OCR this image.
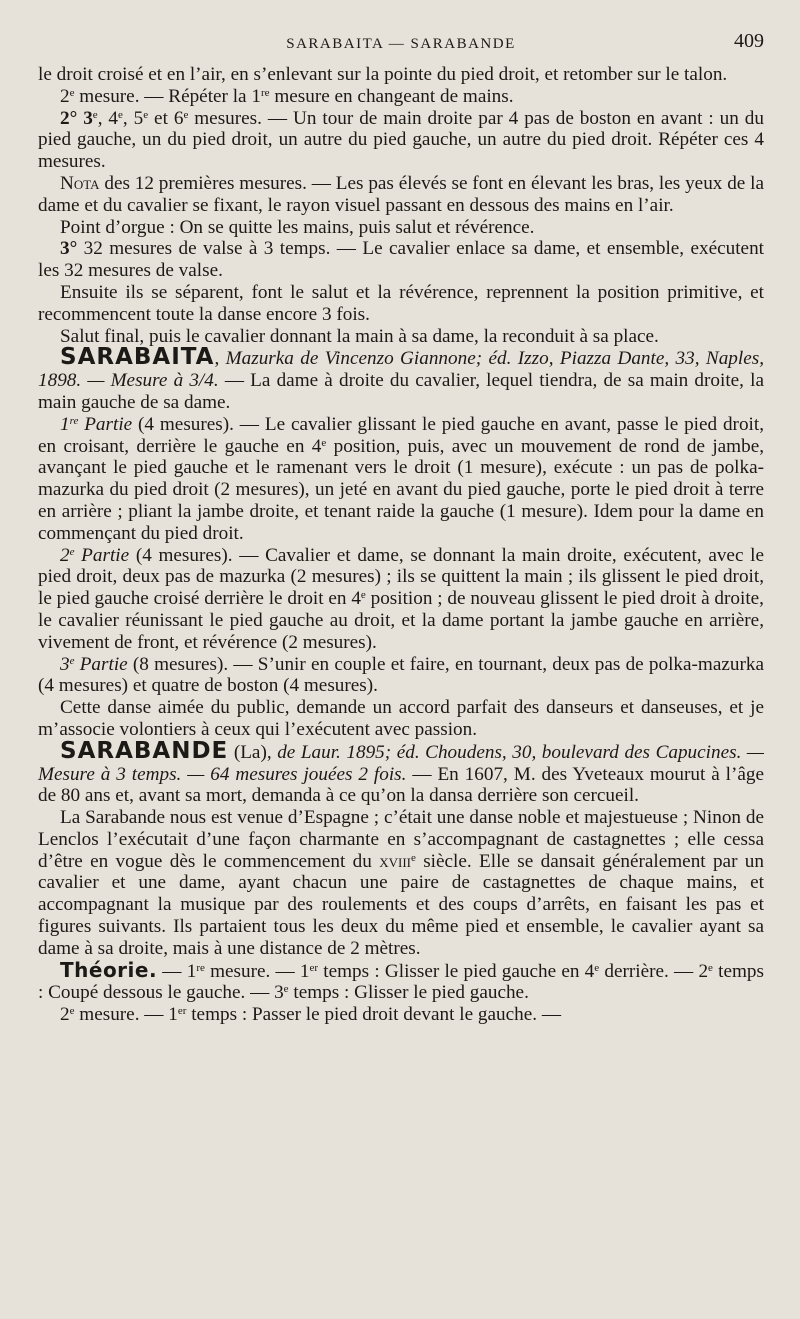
SARABAITA — SARABANDE	409

le droit croisé et en l’air, en s’enlevant sur la pointe du pied droit, et retomber sur le talon.

2e mesure. — Répéter la 1re mesure en changeant de mains.

2° 3e, 4e, 5e et 6e mesures. — Un tour de main droite par 4 pas de boston en avant : un du pied gauche, un du pied droit, un autre du pied gauche, un autre du pied droit. Répéter ces 4 mesures.

Nota des 12 premières mesures. — Les pas élevés se font en élevant les bras, les yeux de la dame et du cavalier se fixant, le rayon visuel passant en dessous des mains en l’air.

Point d’orgue : On se quitte les mains, puis salut et révérence.

3° 32 mesures de valse à 3 temps. — Le cavalier enlace sa dame, et ensemble, exécutent les 32 mesures de valse.

Ensuite ils se séparent, font le salut et la révérence, reprennent la position primitive, et recommencent toute la danse encore 3 fois.

Salut final, puis le cavalier donnant la main à sa dame, la reconduit à sa place.

SARABAITA, Mazurka de Vincenzo Giannone; éd. Izzo, Piazza Dante, 33, Naples, 1898. — Mesure à 3/4. — La dame à droite du cavalier, lequel tiendra, de sa main droite, la main gauche de sa dame.

1re Partie (4 mesures). — Le cavalier glissant le pied gauche en avant, passe le pied droit, en croisant, derrière le gauche en 4e position, puis, avec un mouvement de rond de jambe, avançant le pied gauche et le ramenant vers le droit (1 mesure), exécute : un pas de polka-mazurka du pied droit (2 mesures), un jeté en avant du pied gauche, porte le pied droit à terre en arrière ; pliant la jambe droite, et tenant raide la gauche (1 mesure). Idem pour la dame en commençant du pied droit.

2e Partie (4 mesures). — Cavalier et dame, se donnant la main droite, exécutent, avec le pied droit, deux pas de mazurka (2 mesures) ; ils se quittent la main ; ils glissent le pied droit, le pied gauche croisé derrière le droit en 4e position ; de nouveau glissent le pied droit à droite, le cavalier réunissant le pied gauche au droit, et la dame portant la jambe gauche en arrière, vivement de front, et révérence (2 mesures).

3e Partie (8 mesures). — S’unir en couple et faire, en tournant, deux pas de polka-mazurka (4 mesures) et quatre de boston (4 mesures).

Cette danse aimée du public, demande un accord parfait des danseurs et danseuses, et je m’associe volontiers à ceux qui l’exécutent avec passion.

SARABANDE (La), de Laur. 1895; éd. Choudens, 30, boulevard des Capucines. — Mesure à 3 temps. — 64 mesures jouées 2 fois. — En 1607, M. des Yveteaux mourut à l’âge de 80 ans et, avant sa mort, demanda à ce qu’on la dansa derrière son cercueil.

La Sarabande nous est venue d’Espagne ; c’était une danse noble et majestueuse ; Ninon de Lenclos l’exécutait d’une façon charmante en s’accompagnant de castagnettes ; elle cessa d’être en vogue dès le commencement du xviii$^e$ siècle. Elle se dansait généralement par un cavalier et une dame, ayant chacun une paire de castagnettes de chaque mains, et accompagnant la musique par des roulements et des coups d’arrêts, en faisant les pas et figures suivants. Ils partaient tous les deux du même pied et ensemble, le cavalier ayant sa dame à sa droite, mais à une distance de 2 mètres.

Théorie. — 1re mesure. — 1er temps : Glisser le pied gauche en 4e derrière. — 2e temps : Coupé dessous le gauche. — 3e temps : Glisser le pied gauche.

2e mesure. — 1er temps : Passer le pied droit devant le gauche. —
